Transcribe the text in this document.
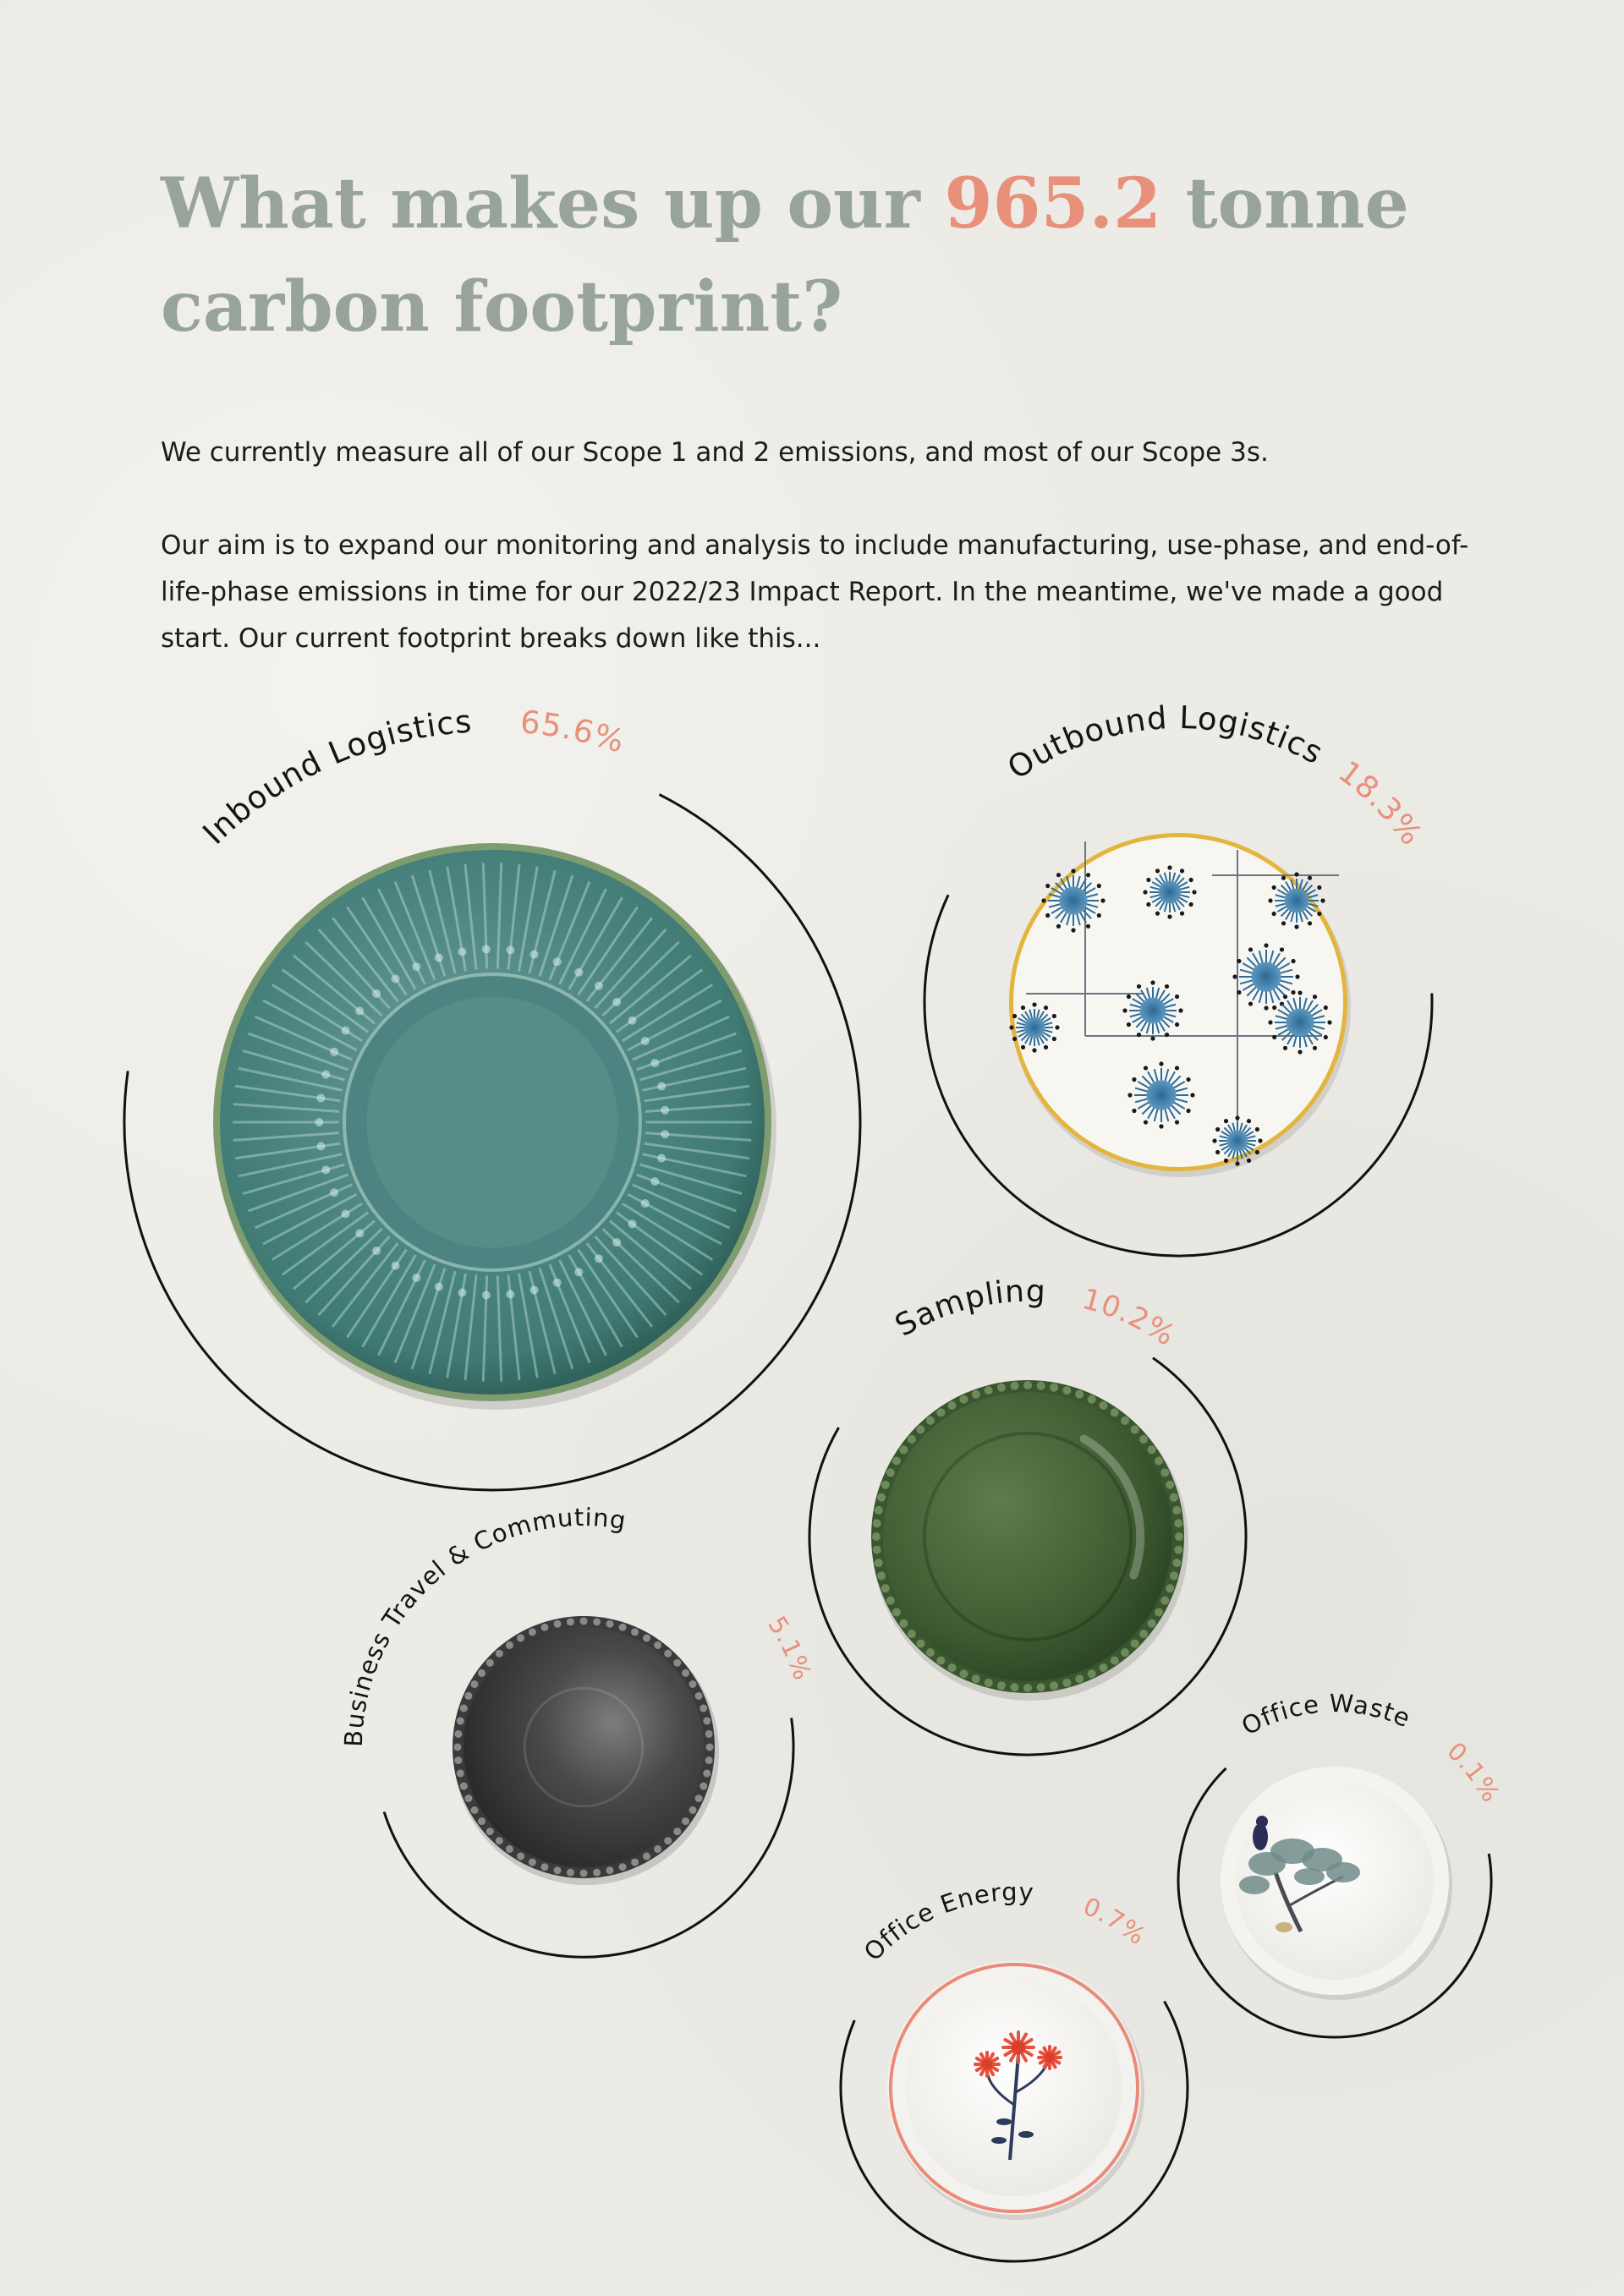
What makes up our 965.2 tonne carbon footprint?

We currently measure all of our Scope 1 and 2 emissions, and most of our Scope 3s.

Our aim is to expand our monitoring and analysis to include manufacturing, use-phase, and end-of-life-phase emissions in time for our 2022/23 Impact Report. In the meantime, we've made a good start. Our current footprint breaks down like this...

Inbound Logistics 65.6%
Outbound Logistics
18.3%
Sampling 10.2%
Business Travel & Commuting
5.1%
Office Energy 0.7%
Office Waste
0.1%
